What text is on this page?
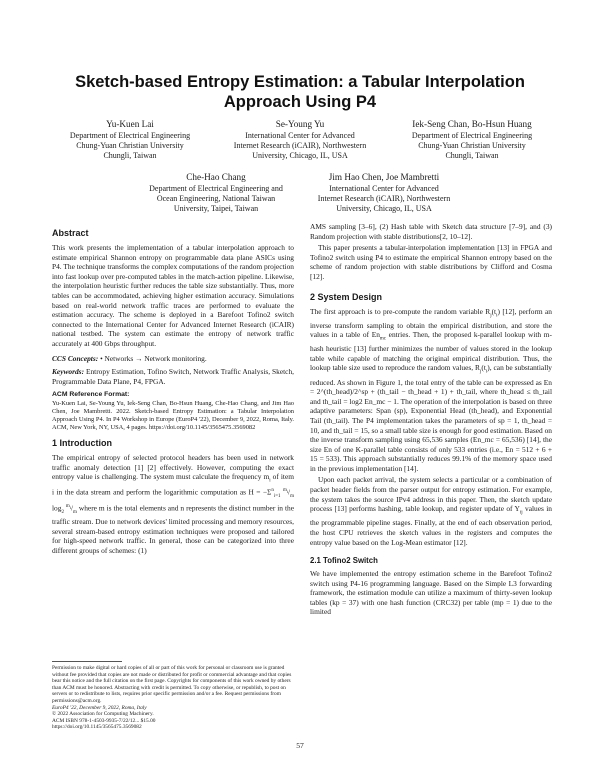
Sketch-based Entropy Estimation: a Tabular Interpolation Approach Using P4
Yu-Kuen Lai
Department of Electrical Engineering
Chung-Yuan Christian University
Chungli, Taiwan
Se-Young Yu
International Center for Advanced
Internet Research (iCAIR), Northwestern
University, Chicago, IL, USA
Iek-Seng Chan, Bo-Hsun Huang
Department of Electrical Engineering
Chung-Yuan Christian University
Chungli, Taiwan
Che-Hao Chang
Department of Electrical Engineering and
Ocean Engineering, National Taiwan
University, Taipei, Taiwan
Jim Hao Chen, Joe Mambretti
International Center for Advanced
Internet Research (iCAIR), Northwestern
University, Chicago, IL, USA
Abstract

This work presents the implementation of a tabular interpolation approach to estimate empirical Shannon entropy on programmable data plane ASICs using P4. The technique transforms the complex computations of the random projection into fast lookup over pre-computed tables in the match-action pipeline. Likewise, the interpolation heuristic further reduces the table size substantially. Thus, more tables can be accommodated, achieving higher estimation accuracy. Simulations based on real-world network traffic traces are performed to evaluate the estimation accuracy. The scheme is deployed in a Barefoot Tofino2 switch connected to the International Center for Advanced Internet Research (iCAIR) national testbed. The system can estimate the entropy of network traffic accurately at 400 Gbps throughput.

CCS Concepts: • Networks → Network monitoring.

Keywords: Entropy Estimation, Tofino Switch, Network Traffic Analysis, Sketch, Programmable Data Plane, P4, FPGA.

ACM Reference Format:
Yu-Kuen Lai, Se-Young Yu, Iek-Seng Chan, Bo-Hsun Huang, Che-Hao Chang, and Jim Hao Chen, Joe Mambretti. 2022. Sketch-based Entropy Estimation: a Tabular Interpolation Approach Using P4. In P4 Workshop in Europe (EuroP4 '22), December 9, 2022, Roma, Italy. ACM, New York, NY, USA, 4 pages. https://doi.org/10.1145/3565475.3569082
1 Introduction

The empirical entropy of selected protocol headers has been used in network traffic anomaly detection [1] [2] effectively. However, computing the exact entropy value is challenging. The system must calculate the frequency $m_i$ of item i in the data stream and perform the logarithmic computation as $H = -\Sigma^n_{i=1}$ $^{m_i}/_m$ $\log_2 ^{m_i}/_m$ where m is the total elements and n represents the distinct number in the traffic stream. Due to network devices' limited processing and memory resources, several stream-based entropy estimation techniques were proposed and tailored for high-speed network traffic. In general, those can be categorized into three different groups of schemes: (1)

Permission to make digital or hard copies of all or part of this work for personal or classroom use is granted without fee provided that copies are not made or distributed for profit or commercial advantage and that copies bear this notice and the full citation on the first page. Copyrights for components of this work owned by others than ACM must be honored. Abstracting with credit is permitted. To copy otherwise, or republish, to post on servers or to redistribute to lists, requires prior specific permission and/or a fee. Request permissions from permissions@acm.org.
EuroP4 '22, December 9, 2022, Roma, Italy
© 2022 Association for Computing Machinery.
ACM ISBN 978-1-4503-9935-7/22/12... $15.00
https://doi.org/10.1145/3565475.3569082

AMS sampling [3–6], (2) Hash table with Sketch data structure [7–9], and (3) Random projection with stable distributions[2, 10–12].

This paper presents a tabular-interpolation implementation [13] in FPGA and Tofino2 switch using P4 to estimate the empirical Shannon entropy based on the scheme of random projection with stable distributions by Clifford and Cosma [12].

2 System Design

The first approach is to pre-compute the random variable $R_j(t_i)$ [12], perform an inverse transform sampling to obtain the empirical distribution, and store the values in a table of $En_{mc}$ entries. Then, the proposed k-parallel lookup with m-hash heuristic [13] further minimizes the number of values stored in the lookup table while capable of matching the original empirical distribution. Thus, the lookup table size used to reproduce the random values, $R_j(t_i)$, can be substantially reduced. As shown in Figure 1, the total entry of the table can be expressed as En = 2^(th_head)/2^sp + (th_tail − th_head + 1) + th_tail, where th_head ≤ th_tail and th_tail = log2 En_mc − 1. The operation of the interpolation is based on three adaptive parameters: Span (sp), Exponential Head (th_head), and Exponential Tail (th_tail). The P4 implementation takes the parameters of sp = 1, th_head = 10, and th_tail = 15, so a small table size is enough for good estimation. Based on the inverse transform sampling using 65,536 samples (En_mc = 65,536) [14], the size En of one K-parallel table consists of only 533 entries (i.e., En = 512 + 6 + 15 = 533). This approach substantially reduces 99.1% of the memory space used in the previous implementation [14].

Upon each packet arrival, the system selects a particular or a combination of packet header fields from the parser output for entropy estimation. For example, the system takes the source IPv4 address in this paper. Then, the sketch update process [13] performs hashing, table lookup, and register update of $Y_{ij}$ values in the programmable pipeline stages. Finally, at the end of each observation period, the host CPU retrieves the sketch values in the registers and computes the entropy value based on the Log-Mean estimator [12].

2.1 Tofino2 Switch

We have implemented the entropy estimation scheme in the Barefoot Tofino2 switch using P4-16 programming language. Based on the Simple L3 forwarding framework, the estimation module can utilize a maximum of thirty-seven lookup tables (kp = 37) with one hash function (CRC32) per table (mp = 1) due to the limited

57
